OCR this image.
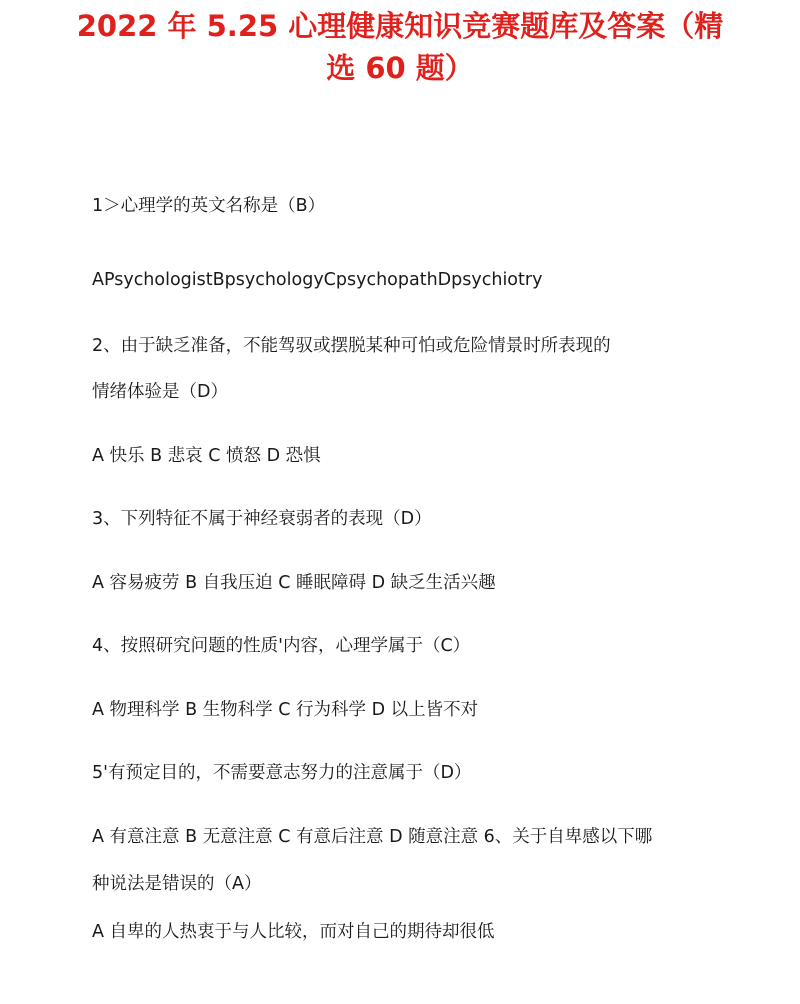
2022 年 5.25 心理健康知识竞赛题库及答案（精
选 60 题）

1＞心理学的英文名称是（B）

APsychologistBpsychologyCpsychopathDpsychiotry

2、由于缺乏准备，不能驾驭或摆脱某种可怕或危险情景时所表现的

情绪体验是（D）

A 快乐 B 悲哀 C 愤怒 D 恐惧

3、下列特征不属于神经衰弱者的表现（D）

A 容易疲劳 B 自我压迫 C 睡眠障碍 D 缺乏生活兴趣

4、按照研究问题的性质'内容，心理学属于（C）

A 物理科学 B 生物科学 C 行为科学 D 以上皆不对

5'有预定目的，不需要意志努力的注意属于（D）

A 有意注意 B 无意注意 C 有意后注意 D 随意注意 6、关于自卑感以下哪

种说法是错误的（A）

A 自卑的人热衷于与人比较，而对自己的期待却很低
